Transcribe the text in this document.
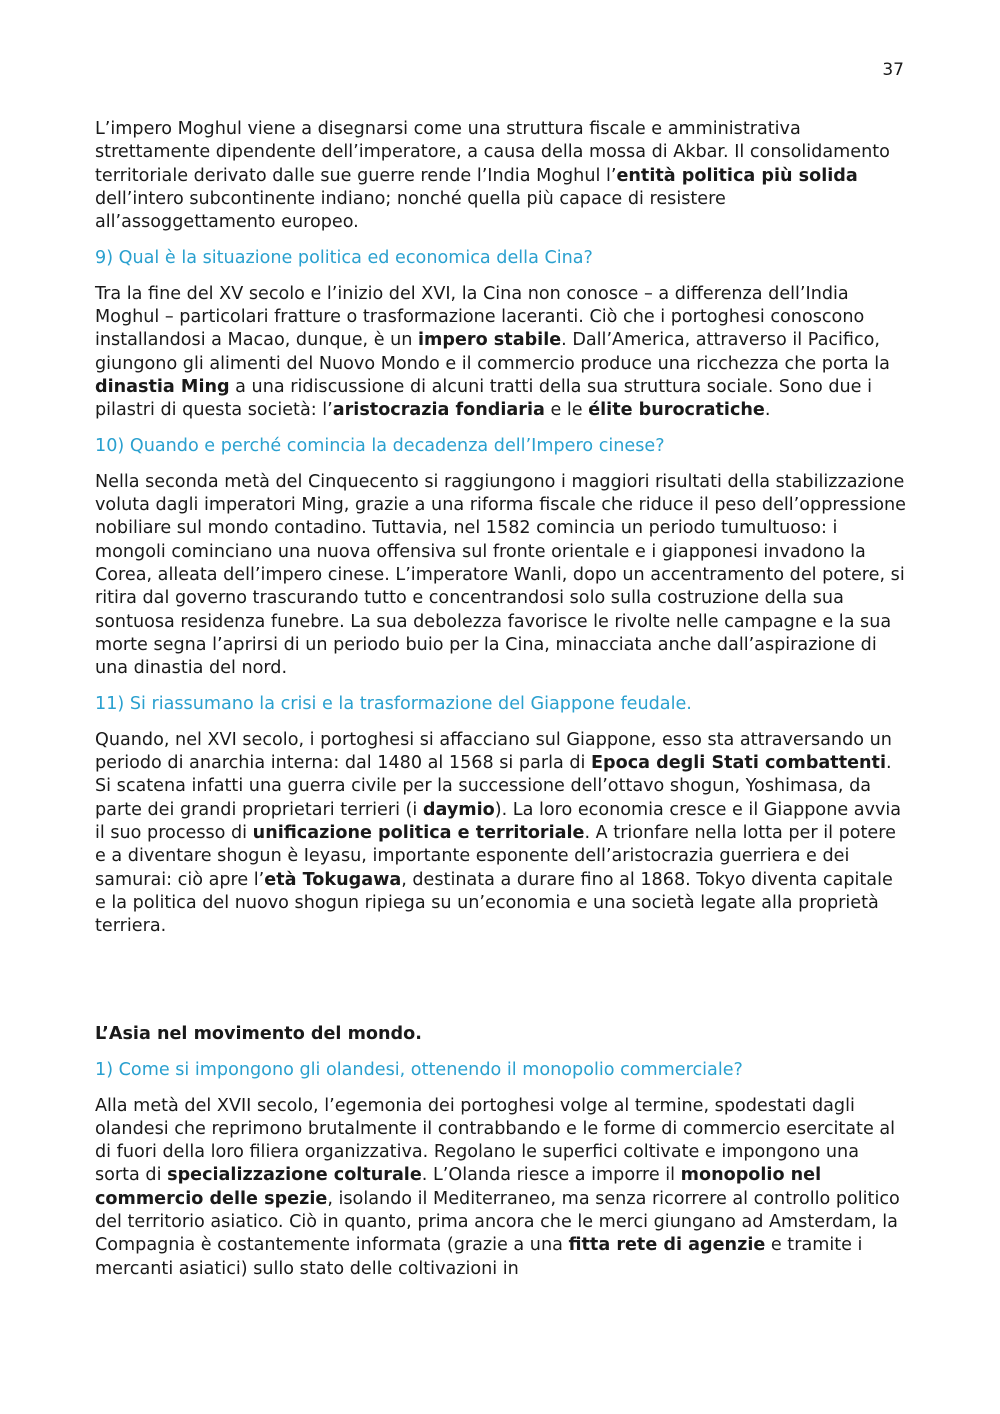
37

L’impero Moghul viene a disegnarsi come una struttura fiscale e amministrativa strettamente dipendente dell’imperatore, a causa della mossa di Akbar. Il consolidamento territoriale derivato dalle sue guerre rende l’India Moghul l’entità politica più solida dell’intero subcontinente indiano; nonché quella più capace di resistere all’assoggettamento europeo.

9) Qual è la situazione politica ed economica della Cina?

Tra la fine del XV secolo e l’inizio del XVI, la Cina non conosce – a differenza dell’India Moghul – particolari fratture o trasformazione laceranti. Ciò che i portoghesi conoscono installandosi a Macao, dunque, è un impero stabile. Dall’America, attraverso il Pacifico, giungono gli alimenti del Nuovo Mondo e il commercio produce una ricchezza che porta la dinastia Ming a una ridiscussione di alcuni tratti della sua struttura sociale. Sono due i pilastri di questa società: l’aristocrazia fondiaria e le élite burocratiche.

10) Quando e perché comincia la decadenza dell’Impero cinese?

Nella seconda metà del Cinquecento si raggiungono i maggiori risultati della stabilizzazione voluta dagli imperatori Ming, grazie a una riforma fiscale che riduce il peso dell’oppressione nobiliare sul mondo contadino. Tuttavia, nel 1582 comincia un periodo tumultuoso: i mongoli cominciano una nuova offensiva sul fronte orientale e i giapponesi invadono la Corea, alleata dell’impero cinese. L’imperatore Wanli, dopo un accentramento del potere, si ritira dal governo trascurando tutto e concentrandosi solo sulla costruzione della sua sontuosa residenza funebre. La sua debolezza favorisce le rivolte nelle campagne e la sua morte segna l’aprirsi di un periodo buio per la Cina, minacciata anche dall’aspirazione di una dinastia del nord.

11) Si riassumano la crisi e la trasformazione del Giappone feudale.

Quando, nel XVI secolo, i portoghesi si affacciano sul Giappone, esso sta attraversando un periodo di anarchia interna: dal 1480 al 1568 si parla di Epoca degli Stati combattenti. Si scatena infatti una guerra civile per la successione dell’ottavo shogun, Yoshimasa, da parte dei grandi proprietari terrieri (i daymio). La loro economia cresce e il Giappone avvia il suo processo di unificazione politica e territoriale. A trionfare nella lotta per il potere e a diventare shogun è Ieyasu, importante esponente dell’aristocrazia guerriera e dei samurai: ciò apre l’età Tokugawa, destinata a durare fino al 1868. Tokyo diventa capitale e la politica del nuovo shogun ripiega su un’economia e una società legate alla proprietà terriera.

L’Asia nel movimento del mondo.

1) Come si impongono gli olandesi, ottenendo il monopolio commerciale?

Alla metà del XVII secolo, l’egemonia dei portoghesi volge al termine, spodestati dagli olandesi che reprimono brutalmente il contrabbando e le forme di commercio esercitate al di fuori della loro filiera organizzativa. Regolano le superfici coltivate e impongono una sorta di specializzazione colturale. L’Olanda riesce a imporre il monopolio nel commercio delle spezie, isolando il Mediterraneo, ma senza ricorrere al controllo politico del territorio asiatico. Ciò in quanto, prima ancora che le merci giungano ad Amsterdam, la Compagnia è costantemente informata (grazie a una fitta rete di agenzie e tramite i mercanti asiatici) sullo stato delle coltivazioni in
